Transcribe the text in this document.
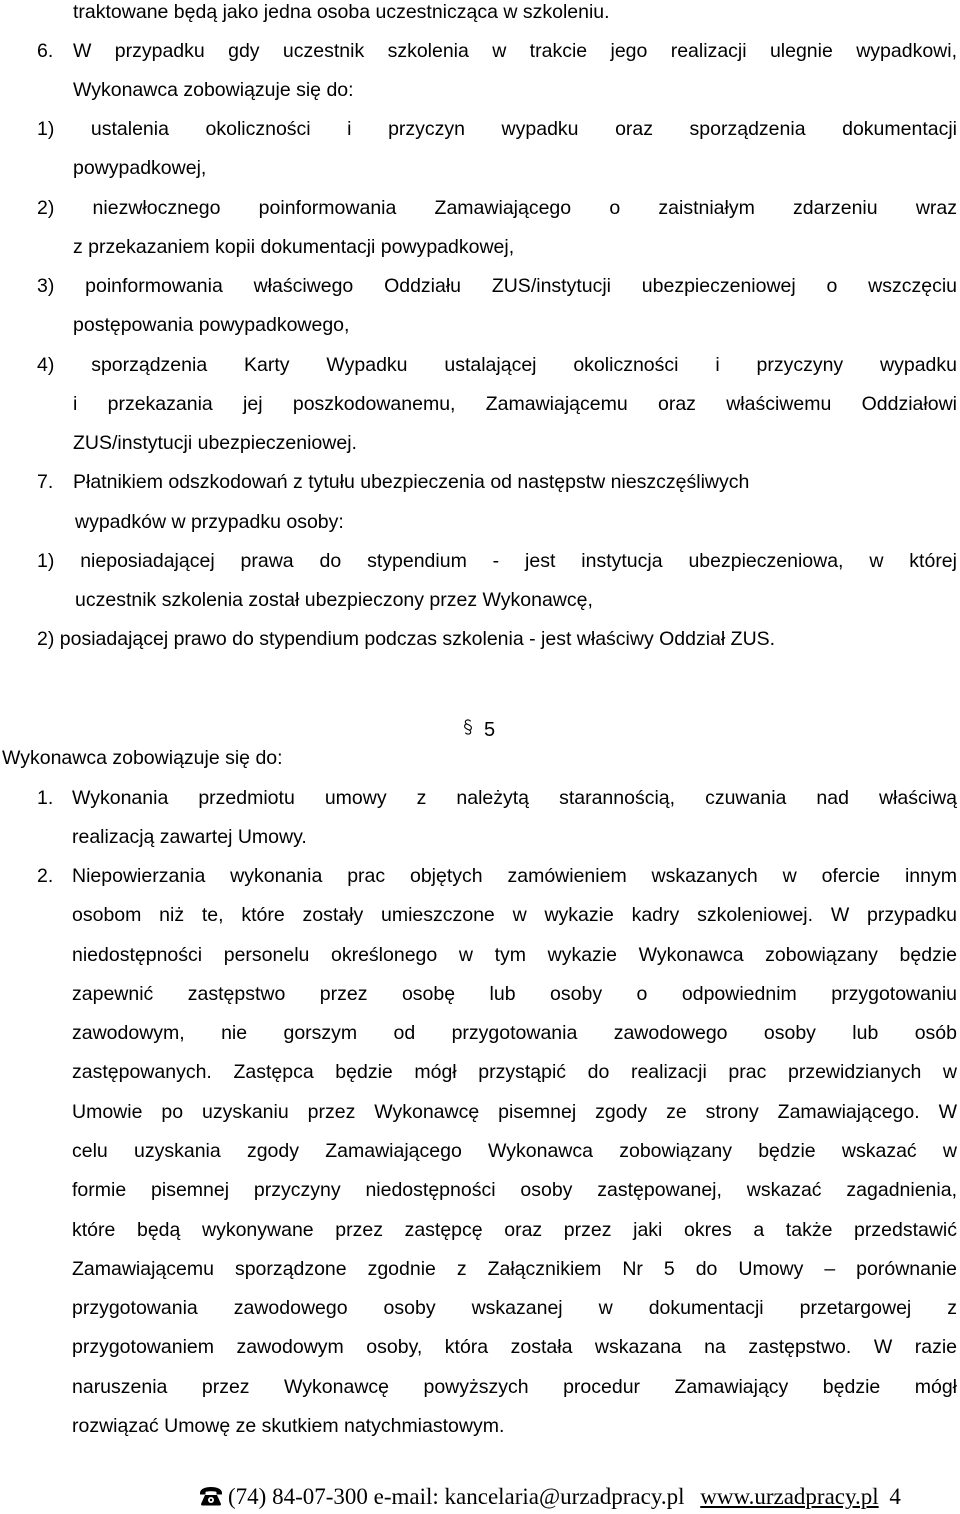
traktowane będą jako jedna osoba uczestnicząca w szkoleniu.
6. W przypadku gdy uczestnik szkolenia w trakcie jego realizacji ulegnie wypadkowi,
Wykonawca zobowiązuje się do:
1) ustalenia okoliczności i przyczyn wypadku oraz sporządzenia dokumentacji
powypadkowej,
2) niezwłocznego poinformowania Zamawiającego o zaistniałym zdarzeniu wraz
z przekazaniem kopii dokumentacji powypadkowej,
3) poinformowania właściwego Oddziału ZUS/instytucji ubezpieczeniowej o wszczęciu
postępowania powypadkowego,
4) sporządzenia Karty Wypadku ustalającej okoliczności i przyczyny wypadku
i przekazania jej poszkodowanemu, Zamawiającemu oraz właściwemu Oddziałowi
ZUS/instytucji ubezpieczeniowej.
7. Płatnikiem odszkodowań z tytułu ubezpieczenia od następstw nieszczęśliwych
wypadków w przypadku osoby:
1) nieposiadającej prawa do stypendium - jest instytucja ubezpieczeniowa, w której
uczestnik szkolenia został ubezpieczony przez Wykonawcę,
2) posiadającej prawo do stypendium podczas szkolenia - jest właściwy Oddział ZUS.
5
Wykonawca zobowiązuje się do:
1. Wykonania przedmiotu umowy z należytą starannością, czuwania nad właściwą
realizacją zawartej Umowy.
2. Niepowierzania wykonania prac objętych zamówieniem wskazanych w ofercie innym
osobom niż te, które zostały umieszczone w wykazie kadry szkoleniowej. W przypadku
niedostępności personelu określonego w tym wykazie Wykonawca zobowiązany będzie
zapewnić zastępstwo przez osobę lub osoby o odpowiednim przygotowaniu
zawodowym, nie gorszym od przygotowania zawodowego osoby lub osób
zastępowanych. Zastępca będzie mógł przystąpić do realizacji prac przewidzianych w
Umowie po uzyskaniu przez Wykonawcę pisemnej zgody ze strony Zamawiającego. W
celu uzyskania zgody Zamawiającego Wykonawca zobowiązany będzie wskazać w
formie pisemnej przyczyny niedostępności osoby zastępowanej, wskazać zagadnienia,
które będą wykonywane przez zastępcę oraz przez jaki okres a także przedstawić
Zamawiającemu sporządzone zgodnie z Załącznikiem Nr 5 do Umowy – porównanie
przygotowania zawodowego osoby wskazanej w dokumentacji przetargowej z
przygotowaniem zawodowym osoby, która została wskazana na zastępstwo. W razie
naruszenia przez Wykonawcę powyższych procedur Zamawiający będzie mógł
rozwiązać Umowę ze skutkiem natychmiastowym.
(74) 84-07-300 e-mail: kancelaria@urzadpracy.pl www.urzadpracy.pl 4
